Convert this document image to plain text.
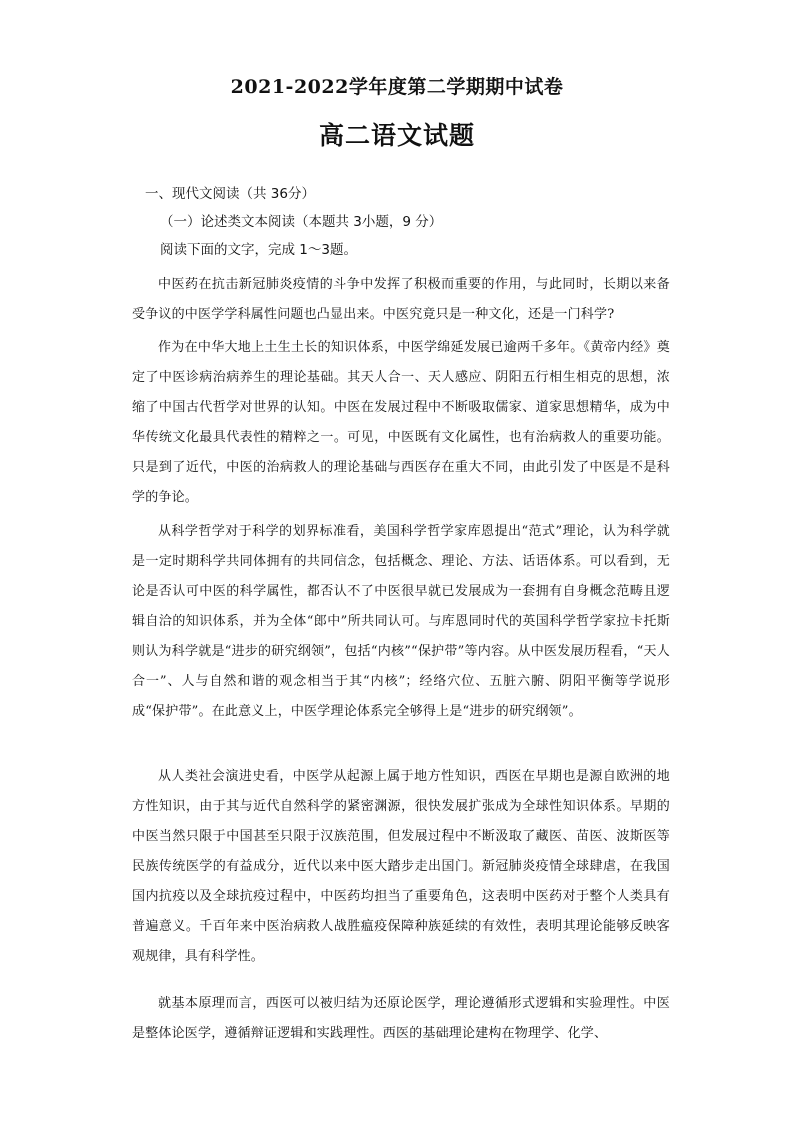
2021-2022学年度第二学期期中试卷
高二语文试题

一、现代文阅读（共 36分）

（一）论述类文本阅读（本题共 3小题，9 分）

阅读下面的文字，完成 1～3题。

中医药在抗击新冠肺炎疫情的斗争中发挥了积极而重要的作用，与此同时，长期以来备受争议的中医学学科属性问题也凸显出来。中医究竟只是一种文化，还是一门科学?

作为在中华大地上土生土长的知识体系，中医学绵延发展已逾两千多年。《黄帝内经》奠定了中医诊病治病养生的理论基础。其天人合一、天人感应、阴阳五行相生相克的思想，浓缩了中国古代哲学对世界的认知。中医在发展过程中不断吸取儒家、道家思想精华，成为中华传统文化最具代表性的精粹之一。可见，中医既有文化属性，也有治病救人的重要功能。只是到了近代，中医的治病救人的理论基础与西医存在重大不同，由此引发了中医是不是科学的争论。

从科学哲学对于科学的划界标准看，美国科学哲学家库恩提出“范式”理论，认为科学就是一定时期科学共同体拥有的共同信念，包括概念、理论、方法、话语体系。可以看到，无论是否认可中医的科学属性，都否认不了中医很早就已发展成为一套拥有自身概念范畴且逻辑自洽的知识体系，并为全体“郎中”所共同认可。与库恩同时代的英国科学哲学家拉卡托斯则认为科学就是“进步的研究纲领”，包括“内核”“保护带”等内容。从中医发展历程看，“天人合一”、人与自然和谐的观念相当于其“内核”；经络穴位、五脏六腑、阴阳平衡等学说形成“保护带”。在此意义上，中医学理论体系完全够得上是“进步的研究纲领”。

从人类社会演进史看，中医学从起源上属于地方性知识，西医在早期也是源自欧洲的地方性知识，由于其与近代自然科学的紧密渊源，很快发展扩张成为全球性知识体系。早期的中医当然只限于中国甚至只限于汉族范围，但发展过程中不断汲取了藏医、苗医、波斯医等民族传统医学的有益成分，近代以来中医大踏步走出国门。新冠肺炎疫情全球肆虐，在我国国内抗疫以及全球抗疫过程中，中医药均担当了重要角色，这表明中医药对于整个人类具有普遍意义。千百年来中医治病救人战胜瘟疫保障种族延续的有效性，表明其理论能够反映客观规律，具有科学性。

就基本原理而言，西医可以被归结为还原论医学，理论遵循形式逻辑和实验理性。中医是整体论医学，遵循辩证逻辑和实践理性。西医的基础理论建构在物理学、化学、
